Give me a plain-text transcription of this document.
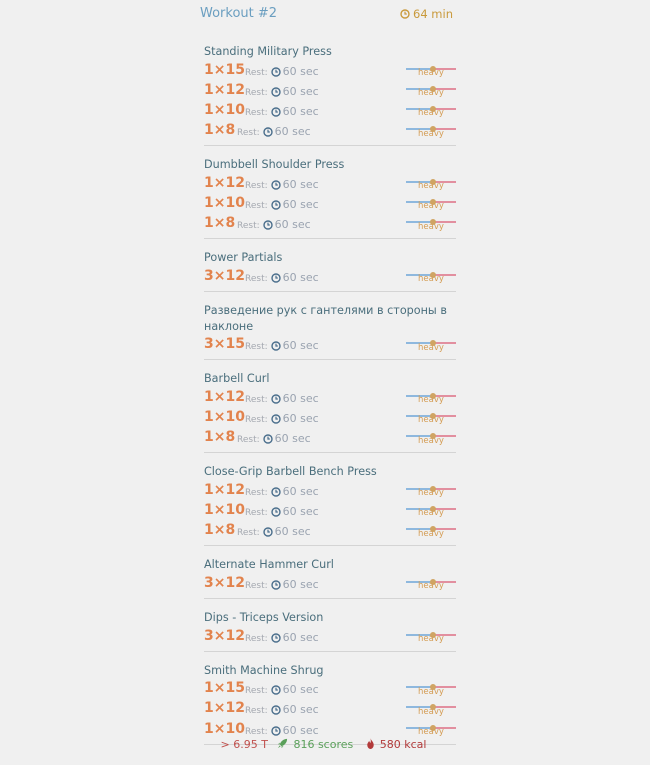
Workout #2	64 min
Standing Military Press
1×15 Rest: 60 sec	heavy
1×12 Rest: 60 sec	heavy
1×10 Rest: 60 sec	heavy
1×8 Rest: 60 sec	heavy
Dumbbell Shoulder Press
1×12 Rest: 60 sec	heavy
1×10 Rest: 60 sec	heavy
1×8 Rest: 60 sec	heavy
Power Partials
3×12 Rest: 60 sec	heavy
Разведение рук с гантелями в стороны в наклоне
3×15 Rest: 60 sec	heavy
Barbell Curl
1×12 Rest: 60 sec	heavy
1×10 Rest: 60 sec	heavy
1×8 Rest: 60 sec	heavy
Close-Grip Barbell Bench Press
1×12 Rest: 60 sec	heavy
1×10 Rest: 60 sec	heavy
1×8 Rest: 60 sec	heavy
Alternate Hammer Curl
3×12 Rest: 60 sec	heavy
Dips - Triceps Version
3×12 Rest: 60 sec	heavy
Smith Machine Shrug
1×15 Rest: 60 sec	heavy
1×12 Rest: 60 sec	heavy
1×10 Rest: 60 sec	heavy
> 6.95 T 816 scores 580 kcal
